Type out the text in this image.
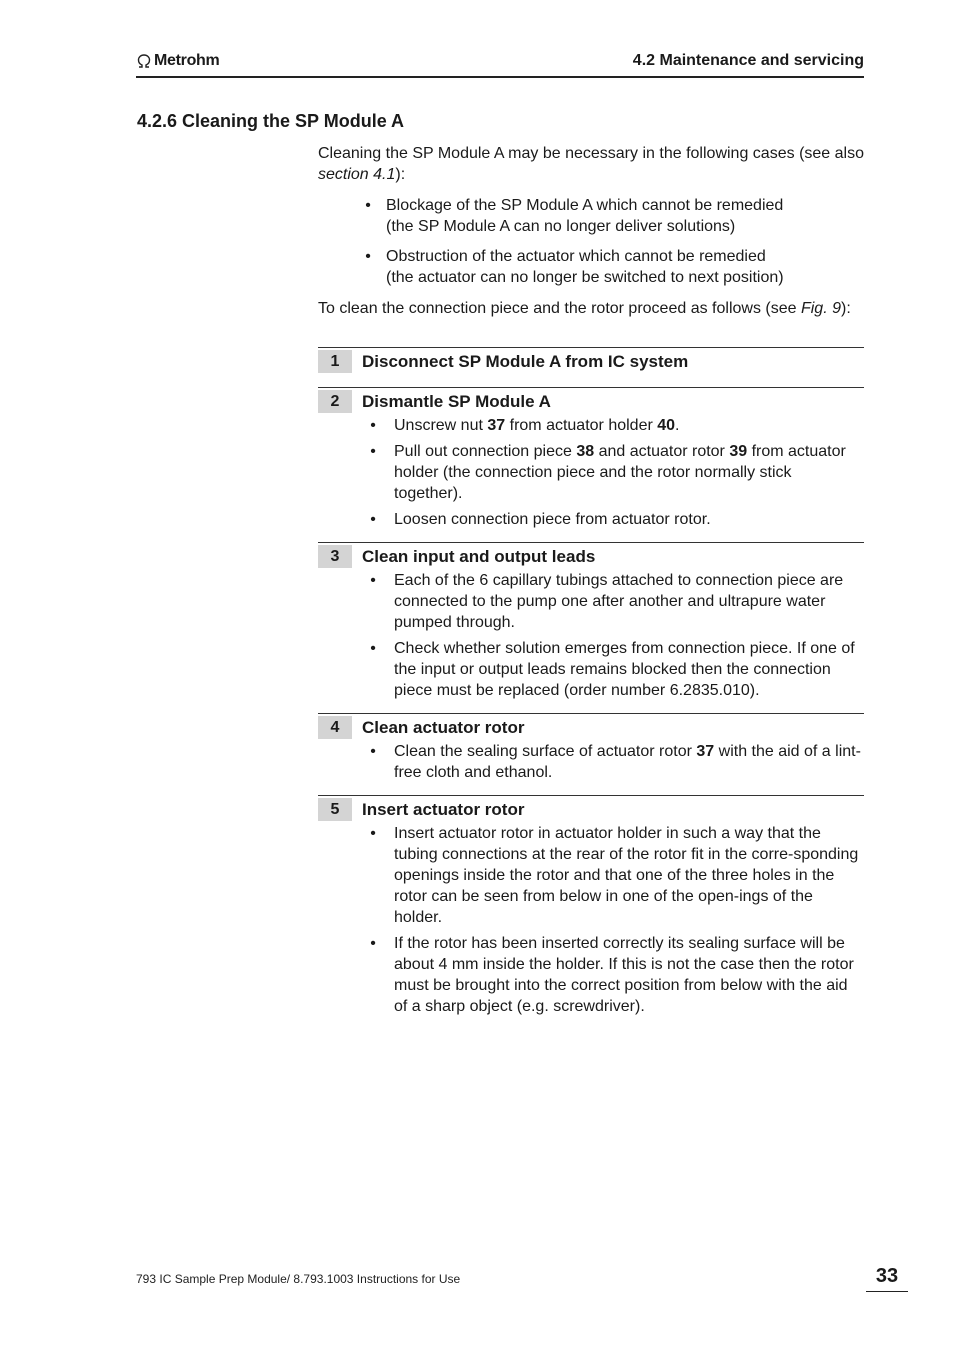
Metrohm	4.2 Maintenance and servicing
4.2.6 Cleaning the SP Module A

Cleaning the SP Module A may be necessary in the following cases (see also section 4.1):

• Blockage of the SP Module A which cannot be remedied
(the SP Module A can no longer deliver solutions)
• Obstruction of the actuator which cannot be remedied
(the actuator can no longer be switched to next position)

To clean the connection piece and the rotor proceed as follows (see Fig. 9):

1	Disconnect SP Module A from IC system
2	Dismantle SP Module A
• Unscrew nut 37 from actuator holder 40.
• Pull out connection piece 38 and actuator rotor 39 from actuator holder (the connection piece and the rotor normally stick together).
• Loosen connection piece from actuator rotor.
3	Clean input and output leads
• Each of the 6 capillary tubings attached to connection piece are connected to the pump one after another and ultrapure water pumped through.
• Check whether solution emerges from connection piece. If one of the input or output leads remains blocked then the connection piece must be replaced (order number 6.2835.010).
4	Clean actuator rotor
• Clean the sealing surface of actuator rotor 37 with the aid of a lint-free cloth and ethanol.
5	Insert actuator rotor
• Insert actuator rotor in actuator holder in such a way that the tubing connections at the rear of the rotor fit in the corre-sponding openings inside the rotor and that one of the three holes in the rotor can be seen from below in one of the open-ings of the holder.
• If the rotor has been inserted correctly its sealing surface will be about 4 mm inside the holder. If this is not the case then the rotor must be brought into the correct position from below with the aid of a sharp object (e.g. screwdriver).
793 IC Sample Prep Module/ 8.793.1003 Instructions for Use	33
